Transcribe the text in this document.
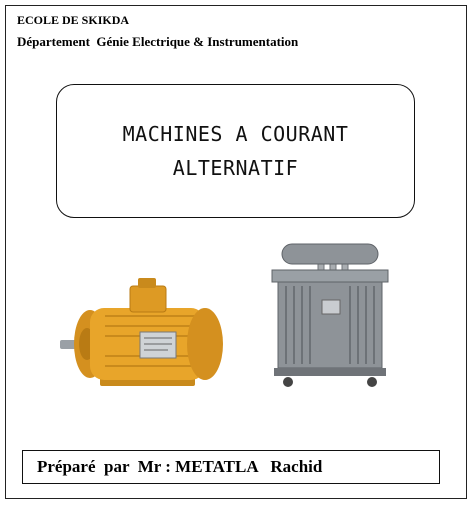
ECOLE DE SKIKDA
Département  Génie Electrique & Instrumentation
MACHINES A COURANT
ALTERNATIF
Préparé  par  Mr : METATLA   Rachid
